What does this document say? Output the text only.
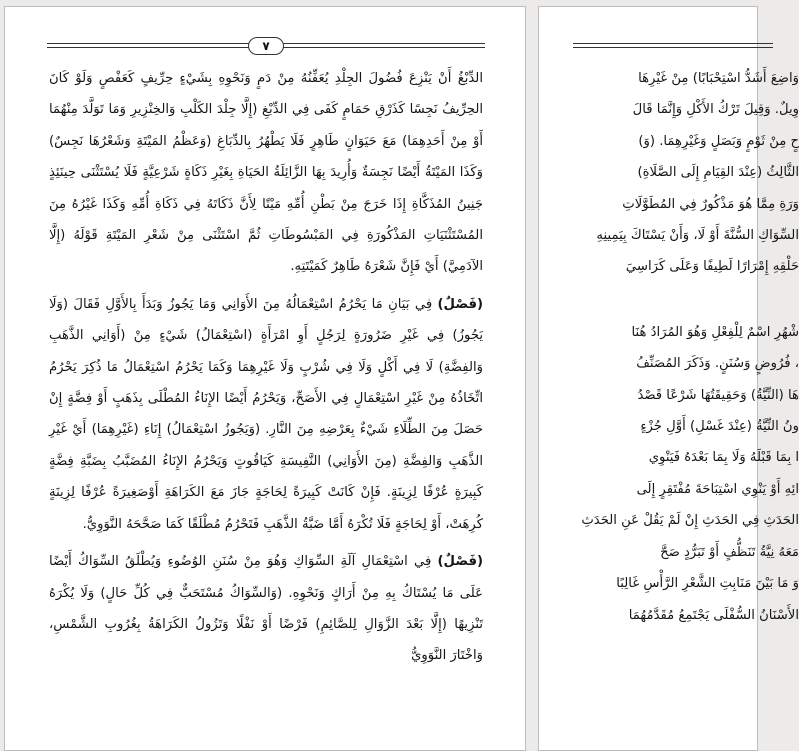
٧

الدِّبْغُ أَنْ يَنْزِعَ فُضُولَ الجِلْدِ يُعَفِّنُهُ مِنْ دَمٍ وَنَحْوِهِ بِشَيْءٍ حِرِّيفٍ كَعَفْصٍ وَلَوْ كَانَ الحِرِّيفُ نَجِسًا كَذَرْقِ حَمَامٍ كَفَى فِي الدِّبْغِ (إِلَّا جِلْدَ الكَلْبِ وَالخِنْزِيرِ وَمَا تَوَلَّدَ مِنْهُمَا أَوْ مِنْ أَحَدِهِمَا) مَعَ حَيَوَانٍ طَاهِرٍ فَلَا يَطْهُرُ بِالدِّبَاغِ (وَعَظْمُ المَيْتَةِ وَشَعْرُهَا نَجِسٌ) وَكَذَا المَيْتَةُ أَيْضًا نَجِسَةٌ وَأُرِيدَ بِهَا الزَّائِلَةُ الحَيَاةِ بِغَيْرِ ذَكَاةٍ شَرْعِيَّةٍ فَلَا يُسْتَثْنَى حِينَئِذٍ جَنِينُ المُذَكَّاةِ إِذَا خَرَجَ مِنْ بَطْنِ أُمِّهِ مَيْتًا لِأَنَّ ذَكَاتَهُ فِي ذَكَاةِ أُمِّهِ وَكَذَا غَيْرُهُ مِنَ المُسْتَثْنَيَاتِ المَذْكُورَةِ فِي المَبْسُوطَاتِ ثُمَّ اسْتَثْنَى مِنْ شَعْرِ المَيْتَةِ قَوْلَهُ (إِلَّا الآدَمِيَّ) أَيْ فَإِنَّ شَعْرَهُ طَاهِرٌ كَمَيْتَتِهِ.

(فَصْلٌ) فِي بَيَانِ مَا يَحْرُمُ اسْتِعْمَالُهُ مِنَ الأَوَانِي وَمَا يَجُوزُ وَبَدَأَ بِالأَوَّلِ فَقَالَ (وَلَا يَجُوزُ) فِي غَيْرِ ضَرُورَةٍ لِرَجُلٍ أَوِ امْرَأَةٍ (اسْتِعْمَالُ) شَيْءٍ مِنْ (أَوَانِي الذَّهَبِ وَالفِضَّةِ) لَا فِي أَكْلٍ وَلَا فِي شُرْبٍ وَلَا غَيْرِهِمَا وَكَمَا يَحْرُمُ اسْتِعْمَالُ مَا ذُكِرَ يَحْرُمُ اتِّخَاذُهُ مِنْ غَيْرِ اسْتِعْمَالٍ فِي الأَصَحِّ، وَيَحْرُمُ أَيْضًا الإِنَاءُ المُطْلَى بِذَهَبٍ أَوْ فِضَّةٍ إِنْ حَصَلَ مِنَ الطِّلَاءِ شَيْءٌ بِعَرْضِهِ مِنَ النَّارِ. (وَيَجُوزُ اسْتِعْمَالُ) إِنَاءِ (غَيْرِهِمَا) أَيْ غَيْرِ الذَّهَبِ وَالفِضَّةِ (مِنَ الأَوَانِي) النَّفِيسَةِ كَيَاقُوتٍ وَيَحْرُمُ الإِنَاءُ المُضَبَّبُ بِضَبَّةِ فِضَّةٍ كَبِيرَةٍ عُرْفًا لِزِينَةٍ. فَإِنْ كَانَتْ كَبِيرَةً لِحَاجَةٍ جَازَ مَعَ الكَرَاهَةِ أَوْصَغِيرَةً عُرْفًا لِزِينَةٍ كُرِهَتْ، أَوْ لِحَاجَةٍ فَلَا تُكْرَهُ أَمَّا ضَبَّةُ الذَّهَبِ فَتَحْرُمُ مُطْلَقًا كَمَا صَحَّحَهُ النَّوَوِيُّ.

(فَصْلٌ) فِي اسْتِعْمَالِ آلَةِ السِّوَاكِ وَهُوَ مِنْ سُنَنِ الوُضُوءِ وَيُطْلَقُ السِّوَاكُ أَيْضًا عَلَى مَا يُسْتَاكُ بِهِ مِنْ أَرَاكٍ وَنَحْوِهِ. (وَالسِّوَاكُ مُسْتَحَبٌّ فِي كُلِّ حَالٍ) وَلَا يُكْرَهُ تَنْزِيهًا (إِلَّا بَعْدَ الزَّوَالِ لِلصَّائِمِ) فَرْضًا أَوْ نَفْلًا وَتَزُولُ الكَرَاهَةُ بِغُرُوبِ الشَّمْسِ، وَاخْتَارَ النَّوَوِيُّ

وَاضِعَ أَشَدُّ اسْتِحْبَابًا) مِنْ غَيْرِهَا
وِيلٌ. وَقِيلَ تَرْكُ الأَكْلِ وَإِنَّمَا قَالَ
حٍ مِنْ ثَوْمٍ وَبَصَلٍ وَغَيْرِهِمَا. (وَ)
الثَّالِثُ (عِنْدَ القِيَامِ إِلَى الصَّلَاةِ)
وَرَةِ مِمَّا هُوَ مَذْكُورٌ فِي المُطَوَّلَاتِ
السِّوَاكِ السُّنَّةَ أَوْ لَا، وَأَنْ يَسْتَاكَ بِيَمِينِهِ
حَلْقِهِ إِمْرَارًا لَطِيفًا وَعَلَى كَرَاسِيَ
شْهُرِ اسْمٌ لِلْفِعْلِ وَهُوَ المُرَادُ هُنَا
، فُرُوضٍ وَسُنَنٍ. وَذَكَرَ المُصَنِّفُ
هَا (النِّيَّةُ) وَحَقِيقَتُهَا شَرْعًا قَصْدُ
ونُ النِّيَّةُ (عِنْدَ غَسْلِ) أَوَّلِ جُزْءٍ
ا بِمَا قَبْلَهُ وَلَا بِمَا بَعْدَهُ فَيَنْوِي
ائِهِ أَوْ يَنْوِي اسْتِبَاحَةَ مُفْتَقِرٍ إِلَى
الحَدَثِ فِي الحَدَثِ إِنْ لَمْ يَقُلْ عَنِ الحَدَثِ
مَعَهُ نِيَّةُ تَنَظُّفٍ أَوْ تَبَرُّدٍ صَحَّ
وَ مَا بَيْنَ مَنَابِتِ الشَّعْرِ الرَّأْسِ غَالِبًا
الأَسْنَانُ السُّفْلَى يَجْتَمِعُ مُقَدَّمُهُمَا
